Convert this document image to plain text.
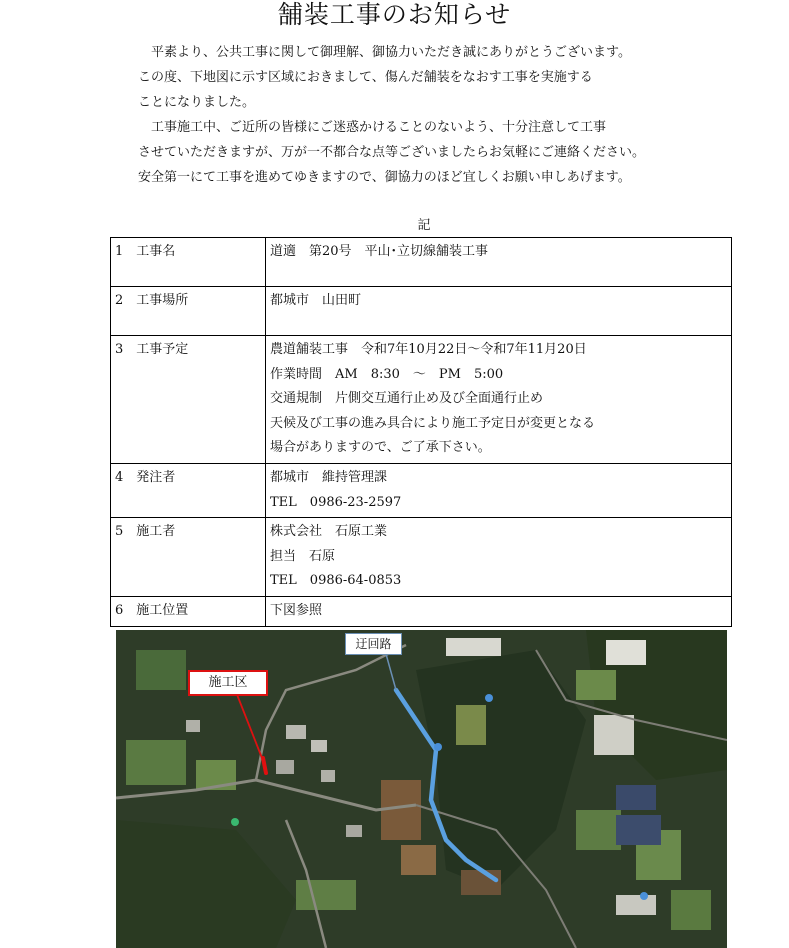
舗装工事のお知らせ

　平素より、公共工事に関して御理解、御協力いただき誠にありがとうございます。

この度、下地図に示す区域におきまして、傷んだ舗装をなおす工事を実施する

ことになりました。

　工事施工中、ご近所の皆様にご迷惑かけることのないよう、十分注意して工事

させていただきますが、万が一不都合な点等ございましたらお気軽にご連絡ください。

安全第一にて工事を進めてゆきますので、御協力のほど宜しくお願い申しあげます。

記
1　工事名	道適　第20号　平山･立切線舗装工事

2　工事場所	都城市　山田町

3　工事予定	農道舗装工事　令和7年10月22日～令和7年11月20日
作業時間　AM　8:30　～　PM　5:00
交通規制　片側交互通行止め及び全面通行止め
天候及び工事の進み具合により施工予定日が変更となる
場合がありますので、ご了承下さい。

4　発注者	都城市　維持管理課
TEL　0986-23-2597

5　施工者	株式会社　石原工業
担当　石原
TEL　0986-64-0853

6　施工位置	下図参照
施工区
迂回路
